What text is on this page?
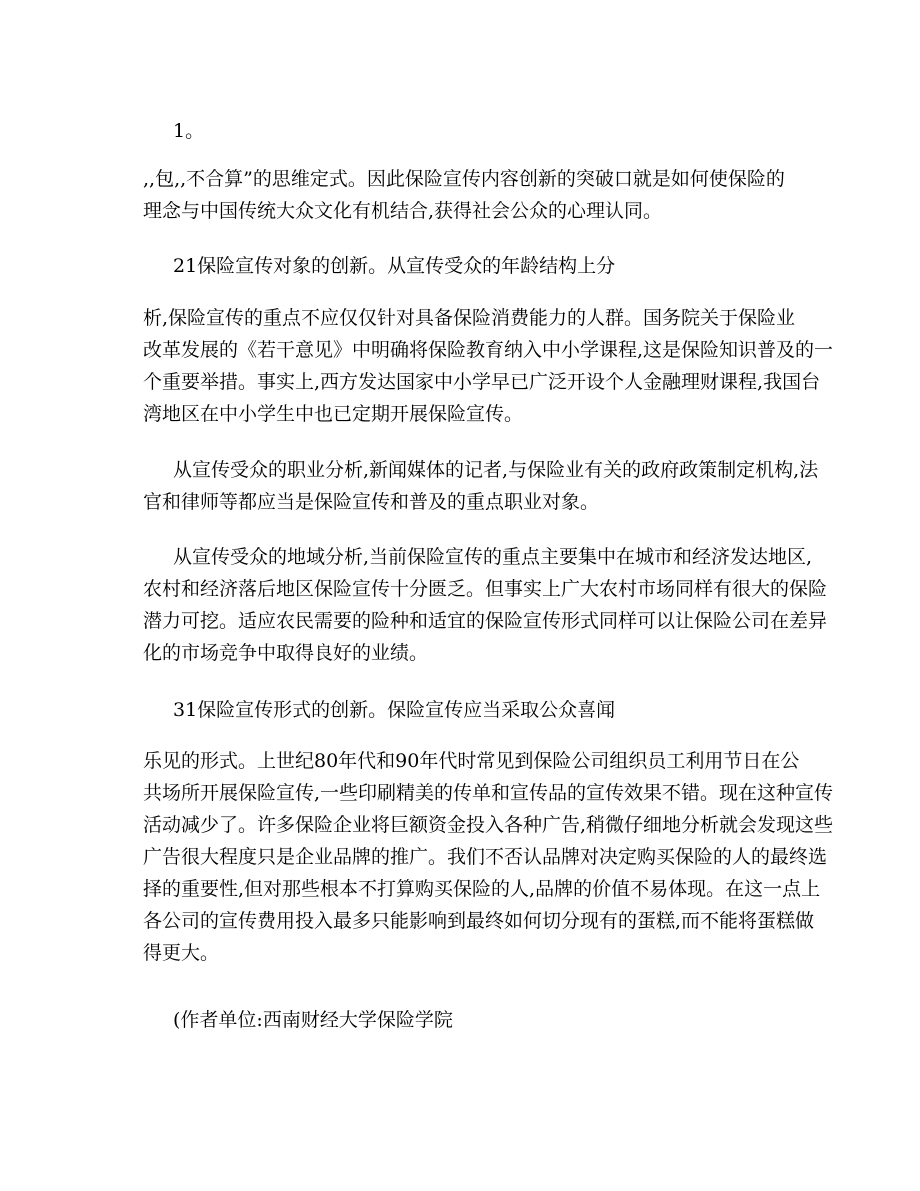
1。
,,包,,不合算”的思维定式。因此保险宣传内容创新的突破口就是如何使保险的
理念与中国传统大众文化有机结合,获得社会公众的心理认同。
21保险宣传对象的创新。从宣传受众的年龄结构上分
析,保险宣传的重点不应仅仅针对具备保险消费能力的人群。国务院关于保险业
改革发展的《若干意见》中明确将保险教育纳入中小学课程,这是保险知识普及的一
个重要举措。事实上,西方发达国家中小学早已广泛开设个人金融理财课程,我国台
湾地区在中小学生中也已定期开展保险宣传。
从宣传受众的职业分析,新闻媒体的记者,与保险业有关的政府政策制定机构,法
官和律师等都应当是保险宣传和普及的重点职业对象。
从宣传受众的地域分析,当前保险宣传的重点主要集中在城市和经济发达地区,
农村和经济落后地区保险宣传十分匮乏。但事实上广大农村市场同样有很大的保险
潜力可挖。适应农民需要的险种和适宜的保险宣传形式同样可以让保险公司在差异
化的市场竞争中取得良好的业绩。
31保险宣传形式的创新。保险宣传应当采取公众喜闻
乐见的形式。上世纪80年代和90年代时常见到保险公司组织员工利用节日在公
共场所开展保险宣传,一些印刷精美的传单和宣传品的宣传效果不错。现在这种宣传
活动减少了。许多保险企业将巨额资金投入各种广告,稍微仔细地分析就会发现这些
广告很大程度只是企业品牌的推广。我们不否认品牌对决定购买保险的人的最终选
择的重要性,但对那些根本不打算购买保险的人,品牌的价值不易体现。在这一点上
各公司的宣传费用投入最多只能影响到最终如何切分现有的蛋糕,而不能将蛋糕做
得更大。
(作者单位:西南财经大学保险学院
